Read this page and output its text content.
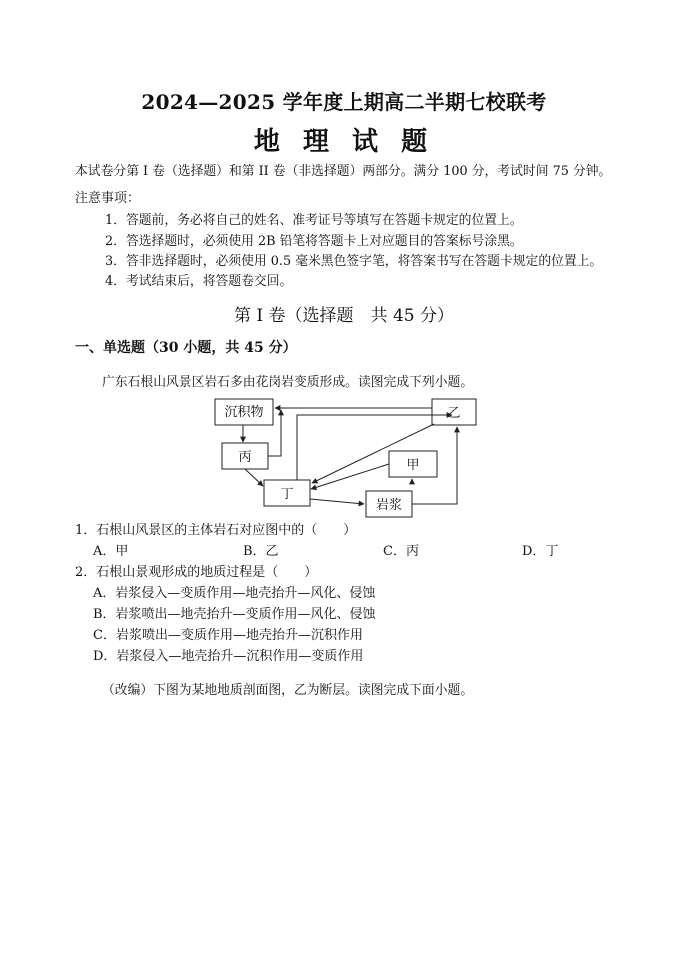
2024—2025 学年度上期高二半期七校联考
地 理 试 题
本试卷分第 I 卷（选择题）和第 II 卷（非选择题）两部分。满分 100 分，考试时间 75 分钟。
注意事项：
1．答题前，务必将自己的姓名、准考证号等填写在答题卡规定的位置上。
2．答选择题时，必须使用 2B 铅笔将答题卡上对应题目的答案标号涂黑。
3．答非选择题时，必须使用 0.5 毫米黑色签字笔，将答案书写在答题卡规定的位置上。
4．考试结束后，将答题卷交回。
第 I 卷（选择题　共 45 分）
一、单选题（30 小题，共 45 分）
广东石根山风景区岩石多由花岗岩变质形成。读图完成下列小题。
沉积物	乙
丙
甲
丁
岩浆
1．石根山风景区的主体岩石对应图中的（　　）
A．甲	B．乙	C．丙	D．丁
2．石根山景观形成的地质过程是（　　）
A．岩浆侵入—变质作用—地壳抬升—风化、侵蚀
B．岩浆喷出—地壳抬升—变质作用—风化、侵蚀
C．岩浆喷出—变质作用—地壳抬升—沉积作用
D．岩浆侵入—地壳抬升—沉积作用—变质作用
（改编）下图为某地地质剖面图，乙为断层。读图完成下面小题。
